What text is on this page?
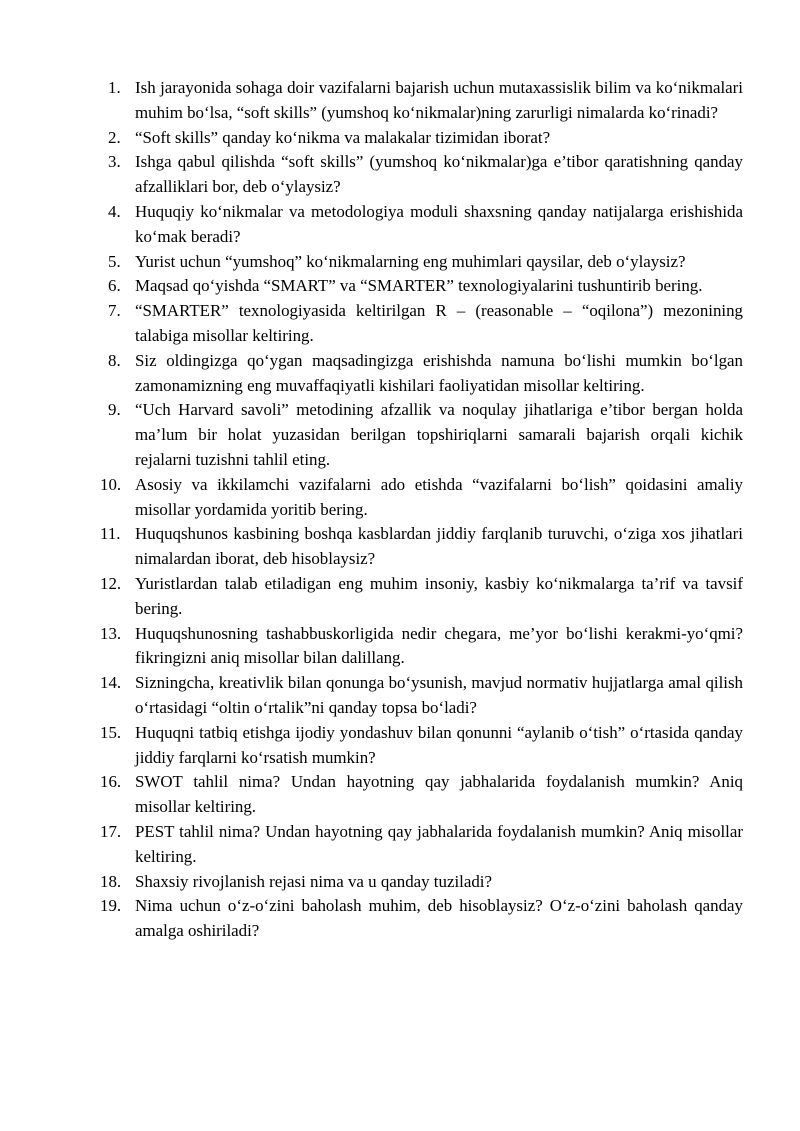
1. Ish jarayonida sohaga doir vazifalarni bajarish uchun mutaxassislik bilim va koʻnikmalari muhim boʻlsa, “soft skills” (yumshoq koʻnikmalar)ning zarurligi nimalarda koʻrinadi?
2. “Soft skills” qanday koʻnikma va malakalar tizimidan iborat?
3. Ishga qabul qilishda “soft skills” (yumshoq koʻnikmalar)ga e’tibor qaratishning qanday afzalliklari bor, deb oʻylaysiz?
4. Huquqiy koʻnikmalar va metodologiya moduli shaxsning qanday natijalarga erishishida koʻmak beradi?
5. Yurist uchun “yumshoq” koʻnikmalarning eng muhimlari qaysilar, deb oʻylaysiz?
6. Maqsad qoʻyishda “SMART” va “SMARTER” texnologiyalarini tushuntirib bering.
7. “SMARTER” texnologiyasida keltirilgan R – (reasonable – “oqilona”) mezonining talabiga misollar keltiring.
8. Siz oldingizga qoʻygan maqsadingizga erishishda namuna boʻlishi mumkin boʻlgan zamonamizning eng muvaffaqiyatli kishilari faoliyatidan misollar keltiring.
9. “Uch Harvard savoli” metodining afzallik va noqulay jihatlariga e’tibor bergan holda ma’lum bir holat yuzasidan berilgan topshiriqlarni samarali bajarish orqali kichik rejalarni tuzishni tahlil eting.
10. Asosiy va ikkilamchi vazifalarni ado etishda “vazifalarni boʻlish” qoidasini amaliy misollar yordamida yoritib bering.
11. Huquqshunos kasbining boshqa kasblardan jiddiy farqlanib turuvchi, oʻziga xos jihatlari nimalardan iborat, deb hisoblaysiz?
12. Yuristlardan talab etiladigan eng muhim insoniy, kasbiy koʻnikmalarga ta’rif va tavsif bering.
13. Huquqshunosning tashabbuskorligida nedir chegara, me’yor boʻlishi kerakmi-yoʻqmi? fikringizni aniq misollar bilan dalillang.
14. Sizningcha, kreativlik bilan qonunga boʻysunish, mavjud normativ hujjatlarga amal qilish oʻrtasidagi “oltin oʻrtalik”ni qanday topsa boʻladi?
15. Huquqni tatbiq etishga ijodiy yondashuv bilan qonunni “aylanib oʻtish” oʻrtasida qanday jiddiy farqlarni koʻrsatish mumkin?
16. SWOT tahlil nima? Undan hayotning qay jabhalarida foydalanish mumkin? Aniq misollar keltiring.
17. PEST tahlil nima? Undan hayotning qay jabhalarida foydalanish mumkin? Aniq misollar keltiring.
18. Shaxsiy rivojlanish rejasi nima va u qanday tuziladi?
19. Nima uchun oʻz-oʻzini baholash muhim, deb hisoblaysiz? Oʻz-oʻzini baholash qanday amalga oshiriladi?
